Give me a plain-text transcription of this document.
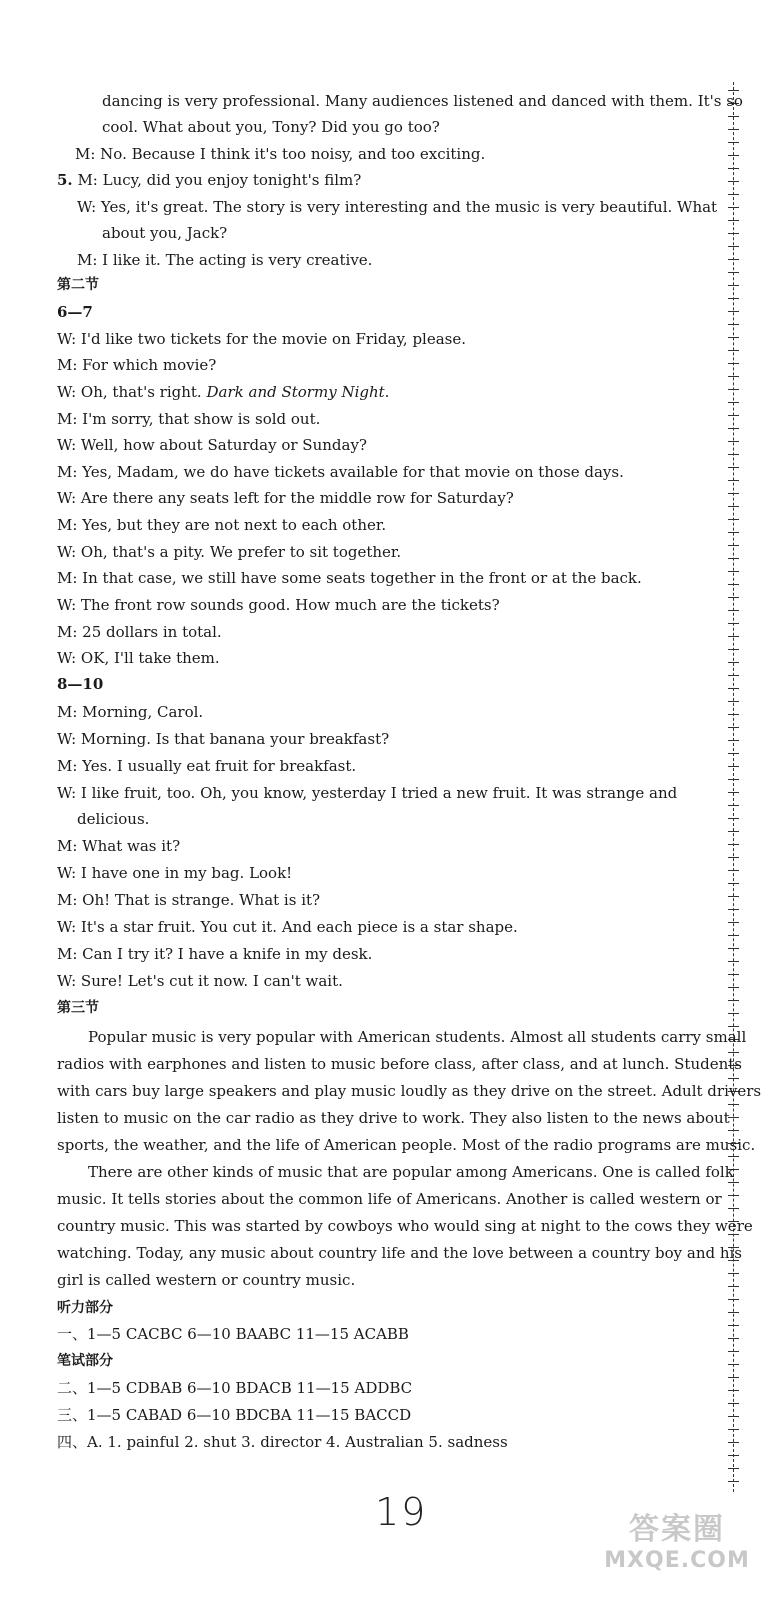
dancing is very professional. Many audiences listened and danced with them. It's so
cool. What about you, Tony? Did you go too?
M: No. Because I think it's too noisy, and too exciting.
5. M: Lucy, did you enjoy tonight's film?
W: Yes, it's great. The story is very interesting and the music is very beautiful. What
about you, Jack?
M: I like it. The acting is very creative.
第二节
6—7
W: I'd like two tickets for the movie on Friday, please.
M: For which movie?
W: Oh, that's right. Dark and Stormy Night.
M: I'm sorry, that show is sold out.
W: Well, how about Saturday or Sunday?
M: Yes, Madam, we do have tickets available for that movie on those days.
W: Are there any seats left for the middle row for Saturday?
M: Yes, but they are not next to each other.
W: Oh, that's a pity. We prefer to sit together.
M: In that case, we still have some seats together in the front or at the back.
W: The front row sounds good. How much are the tickets?
M: 25 dollars in total.
W: OK, I'll take them.
8—10
M: Morning, Carol.
W: Morning. Is that banana your breakfast?
M: Yes. I usually eat fruit for breakfast.
W: I like fruit, too. Oh, you know, yesterday I tried a new fruit. It was strange and
delicious.
M: What was it?
W: I have one in my bag. Look!
M: Oh! That is strange. What is it?
W: It's a star fruit. You cut it. And each piece is a star shape.
M: Can I try it? I have a knife in my desk.
W: Sure! Let's cut it now. I can't wait.
第三节
Popular music is very popular with American students. Almost all students carry small
radios with earphones and listen to music before class, after class, and at lunch. Students
with cars buy large speakers and play music loudly as they drive on the street. Adult drivers
listen to music on the car radio as they drive to work. They also listen to the news about
sports, the weather, and the life of American people. Most of the radio programs are music.
There are other kinds of music that are popular among Americans. One is called folk
music. It tells stories about the common life of Americans. Another is called western or
country music. This was started by cowboys who would sing at night to the cows they were
watching. Today, any music about country life and the love between a country boy and his
girl is called western or country music.
听力部分
一、1—5 CACBC 6—10 BAABC 11—15 ACABB
笔试部分
二、1—5 CDBAB 6—10 BDACB 11—15 ADDBC
三、1—5 CABAD 6—10 BDCBA 11—15 BACCD
四、A. 1. painful 2. shut 3. director 4. Australian 5. sadness
19	答案圈
MXQE.COM
